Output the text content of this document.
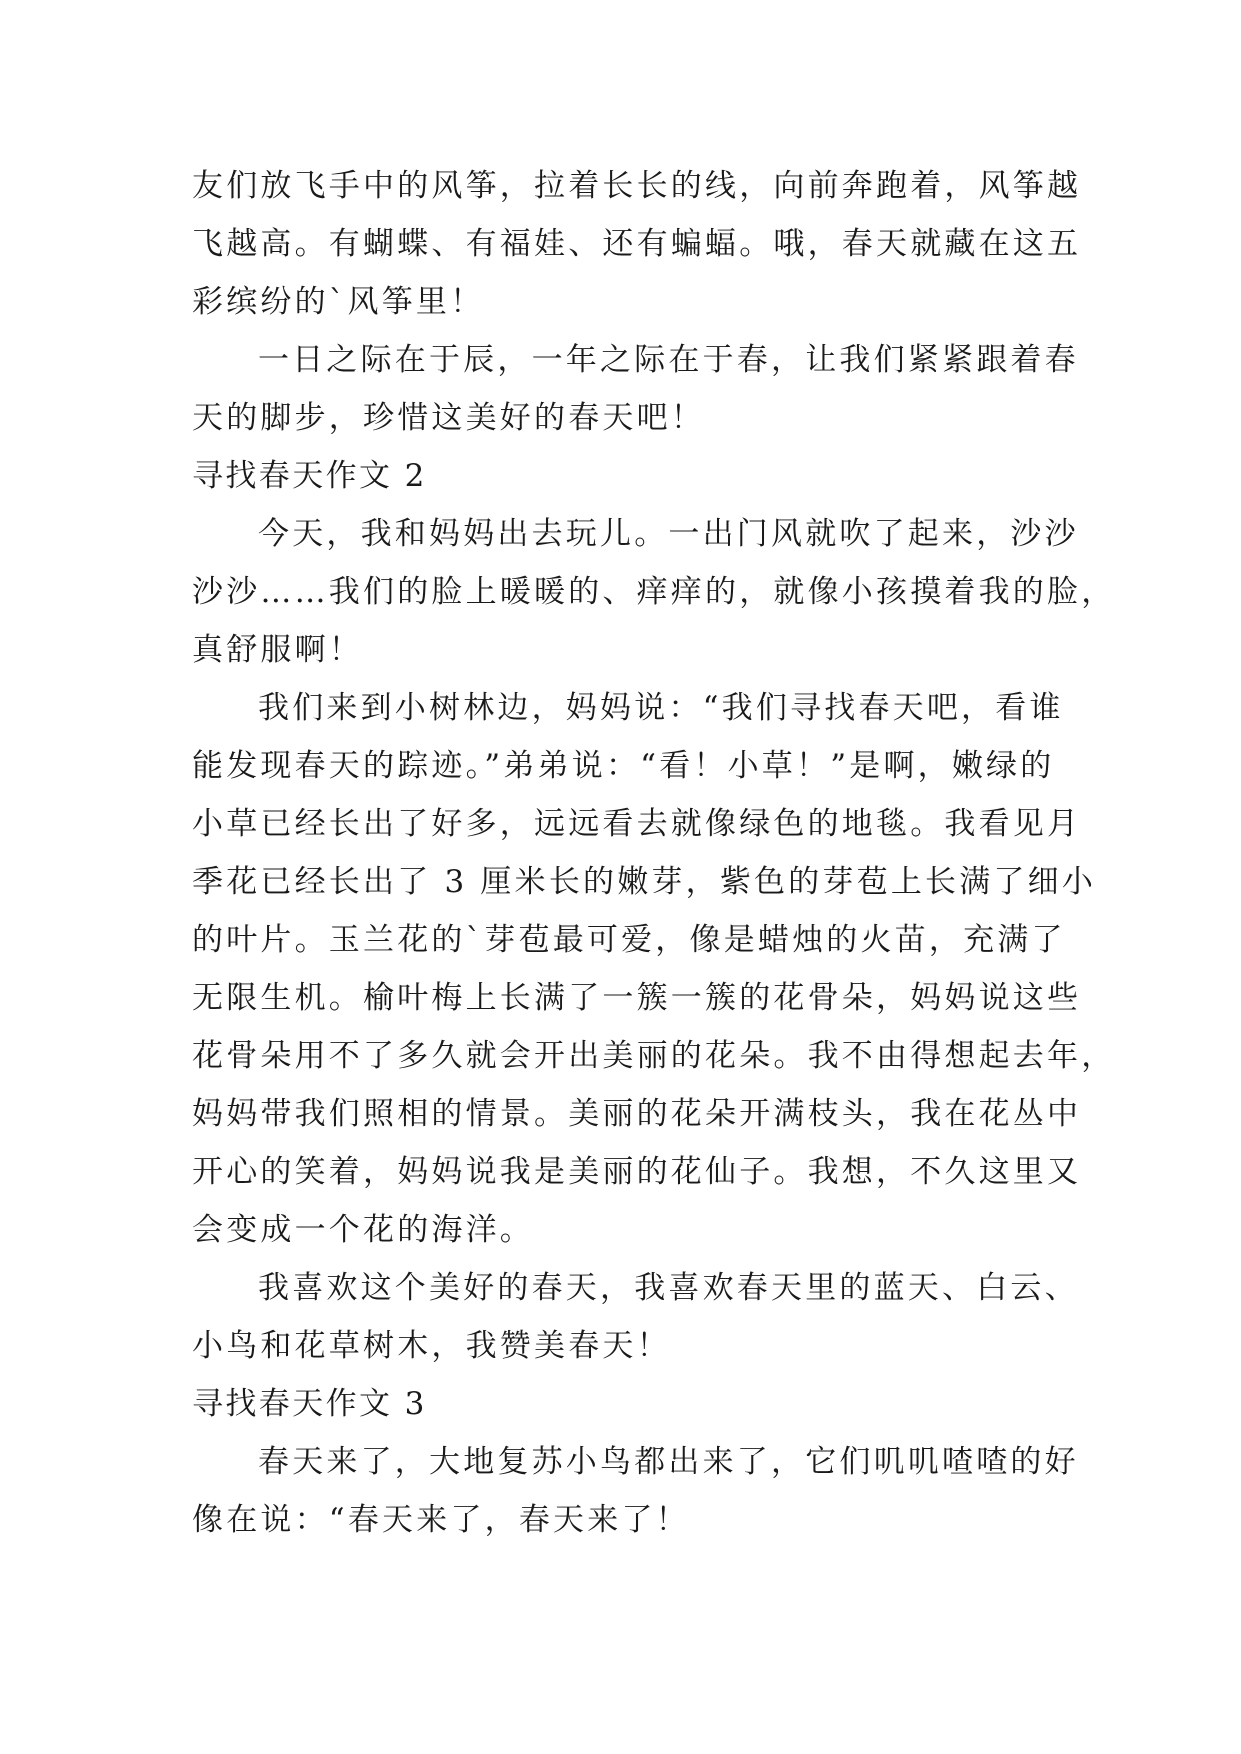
友们放飞手中的风筝，拉着长长的线，向前奔跑着，风筝越
飞越高。有蝴蝶、有福娃、还有蝙蝠。哦，春天就藏在这五
彩缤纷的`风筝里！
一日之际在于辰，一年之际在于春，让我们紧紧跟着春
天的脚步，珍惜这美好的春天吧！
寻找春天作文 2
今天，我和妈妈出去玩儿。一出门风就吹了起来，沙沙
沙沙……我们的脸上暖暖的、痒痒的，就像小孩摸着我的脸，
真舒服啊！
我们来到小树林边，妈妈说：“我们寻找春天吧，看谁
能发现春天的踪迹。”弟弟说：“看！小草！”是啊，嫩绿的
小草已经长出了好多，远远看去就像绿色的地毯。我看见月
季花已经长出了 3 厘米长的嫩芽，紫色的芽苞上长满了细小
的叶片。玉兰花的`芽苞最可爱，像是蜡烛的火苗，充满了
无限生机。榆叶梅上长满了一簇一簇的花骨朵，妈妈说这些
花骨朵用不了多久就会开出美丽的花朵。我不由得想起去年，
妈妈带我们照相的情景。美丽的花朵开满枝头，我在花丛中
开心的笑着，妈妈说我是美丽的花仙子。我想，不久这里又
会变成一个花的海洋。
我喜欢这个美好的春天，我喜欢春天里的蓝天、白云、
小鸟和花草树木，我赞美春天！
寻找春天作文 3
春天来了，大地复苏小鸟都出来了，它们叽叽喳喳的好
像在说：“春天来了，春天来了！
